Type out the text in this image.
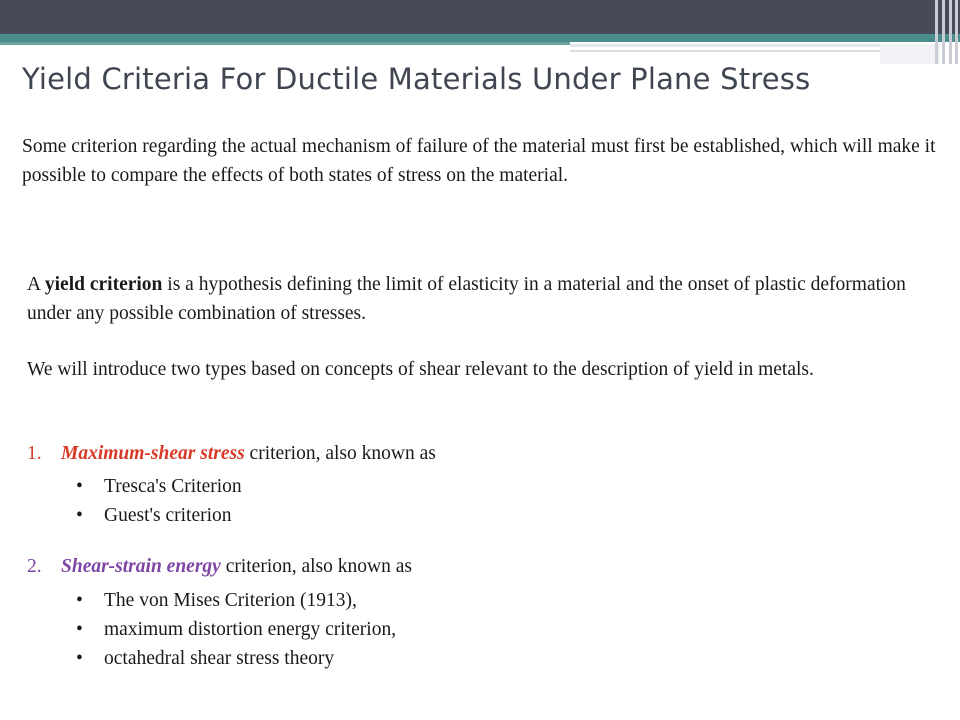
Yield Criteria For Ductile Materials Under Plane Stress
Some criterion regarding the actual mechanism of failure of the material must first be established, which will make it possible to compare the effects of both states of stress on the material.
A yield criterion is a hypothesis defining the limit of elasticity in a material and the onset of plastic deformation under any possible combination of stresses.
We will introduce two types based on concepts of shear relevant to the description of yield in metals.
1. Maximum-shear stress criterion, also known as
• Tresca's Criterion
• Guest's criterion
2. Shear-strain energy criterion, also known as
• The von Mises Criterion (1913),
• maximum distortion energy criterion,
• octahedral shear stress theory
